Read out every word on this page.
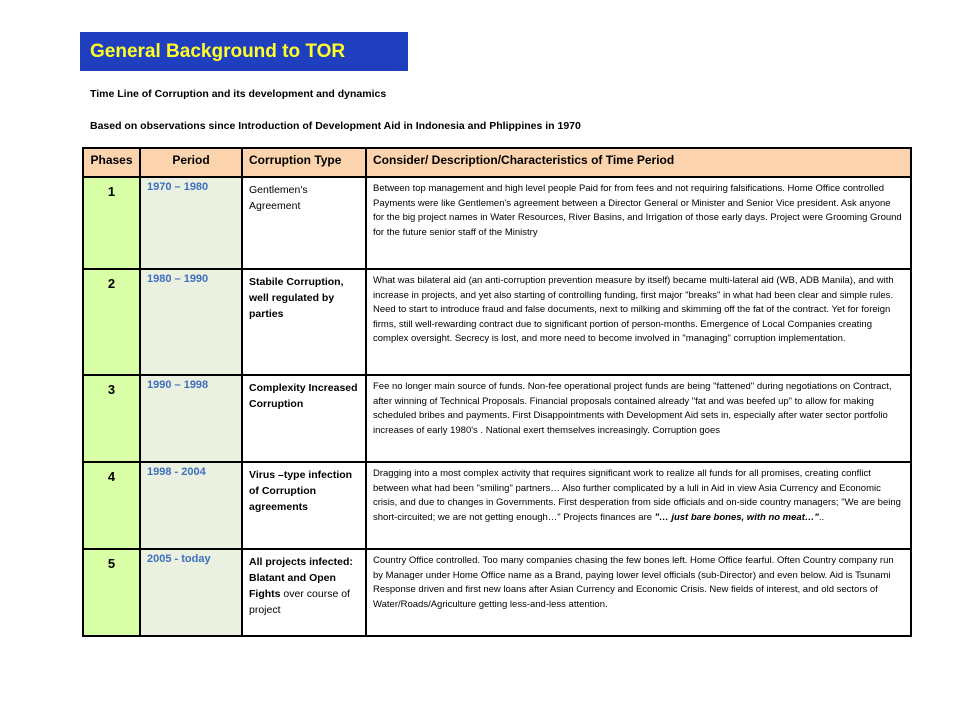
General Background to TOR
Time Line of Corruption and its development and dynamics
Based on observations since Introduction of Development Aid in Indonesia and Phlippines in 1970
Phases	Period	Corruption Type	Consider/ Description/Characteristics of Time Period
1	1970 – 1980	Gentlemen's Agreement	Between top management and high level people Paid for from fees and not requiring falsifications. Home Office controlled Payments were like Gentlemen's agreement between a Director General or Minister and Senior Vice president. Ask anyone for the big project names in Water Resources, River Basins, and Irrigation of those early days. Project were Grooming Ground for the future senior staff of the Ministry
2	1980 – 1990	Stabile Corruption, well regulated by parties	What was bilateral aid (an anti-corruption prevention measure by itself) became multi-lateral aid (WB, ADB Manila), and with increase in projects, and yet also starting of controlling funding, first major "breaks" in what had been clear and simple rules. Need to start to introduce fraud and false documents, next to milking and skimming off the fat of the contract. Yet for foreign firms, still well-rewarding contract due to significant portion of person-months. Emergence of Local Companies creating complex oversight. Secrecy is lost, and more need to become involved in "managing" corruption implementation.
3	1990 – 1998	Complexity Increased Corruption	Fee no longer main source of funds. Non-fee operational project funds are being "fattened" during negotiations on Contract, after winning of Technical Proposals. Financial proposals contained already "fat and was beefed up" to allow for making scheduled bribes and payments. First Disappointments with Development Aid sets in, especially after water sector portfolio increases of early 1980's . National exert themselves increasingly. Corruption goes
4	1998 - 2004	Virus –type infection of Corruption agreements	Dragging into a most complex activity that requires significant work to realize all funds for all promises, creating conflict between what had been "smiling" partners… Also further complicated by a lull in Aid in view Asia Currency and Economic crisis, and due to changes in Governments. First desperation from side officials and on-side country managers; "We are being short-circuited; we are not getting enough…" Projects finances are "… just bare bones, with no meat…"..
5	2005 - today	All projects infected: Blatant and Open Fights over course of project	Country Office controlled. Too many companies chasing the few bones left. Home Office fearful. Often Country company run by Manager under Home Office name as a Brand, paying lower level officials (sub-Director) and even below. Aid is Tsunami Response driven and first new loans after Asian Currency and Economic Crisis. New fields of interest, and old sectors of Water/Roads/Agriculture getting less-and-less attention.
